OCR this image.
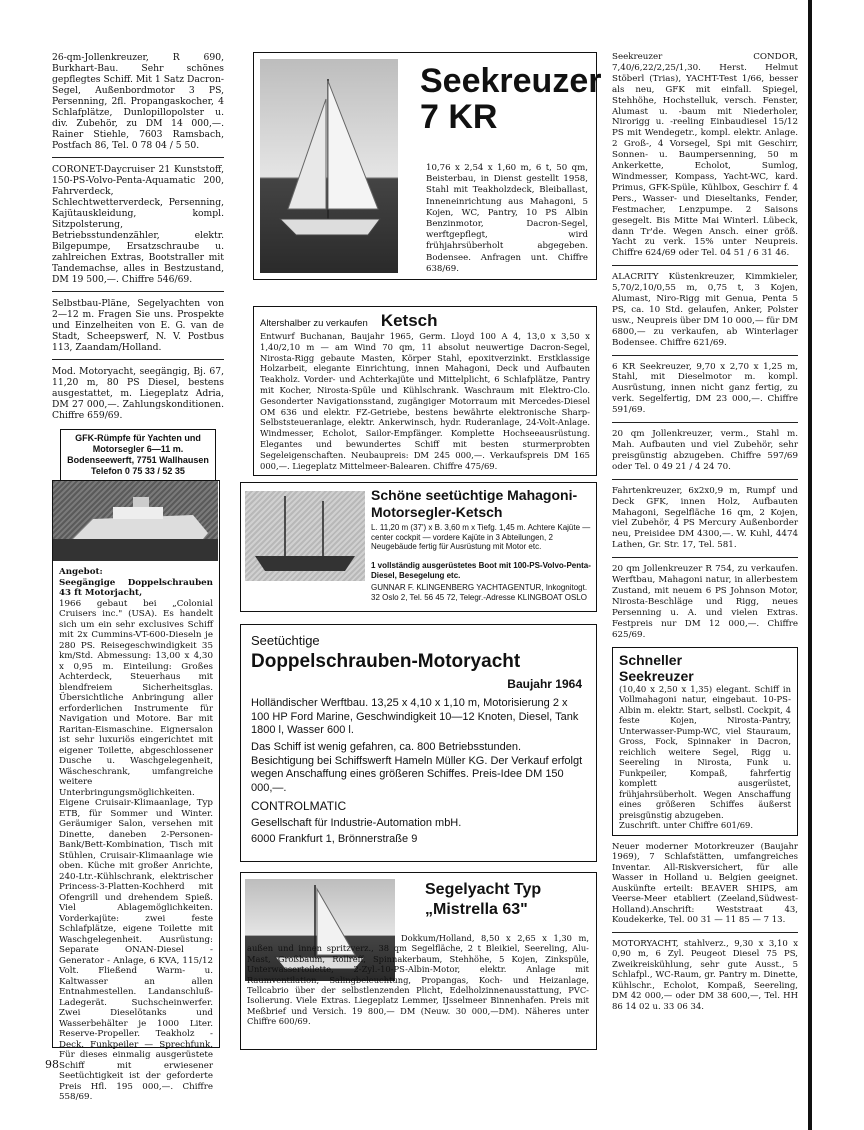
26-qm-Jollenkreuzer, R 690, Burkhart-Bau. Sehr schönes gepflegtes Schiff. Mit 1 Satz Dacron-Segel, Außenbordmotor 3 PS, Persenning, 2fl. Propangaskocher, 4 Schlafplätze, Dunlopillopolster u. div. Zubehör, zu DM 14 000,—. Rainer Stiehle, 7603 Ramsbach, Postfach 86, Tel. 0 78 04 / 5 50.
CORONET-Daycruiser 21 Kunststoff, 150-PS-Volvo-Penta-Aquamatic 200, Fahrverdeck, Schlechtwetterverdeck, Persenning, Kajütauskleidung, kompl. Sitzpolsterung, Betriebsstundenzähler, elektr. Bilgepumpe, Ersatzschraube u. zahlreichen Extras, Bootstraller mit Tandemachse, alles in Bestzustand, DM 19 500,—. Chiffre 546/69.
Selbstbau-Pläne, Segelyachten von 2—12 m. Fragen Sie uns. Prospekte und Einzelheiten von E. G. van de Stadt, Scheepswerf, N. V. Postbus 113, Zaandam/Holland.
Mod. Motoryacht, seegängig, Bj. 67, 11,20 m, 80 PS Diesel, bestens ausgestattet, m. Liegeplatz Adria, DM 27 000,—. Zahlungskonditionen. Chiffre 659/69.
GFK-Rümpfe für Yachten und
Motorsegler 6—11 m.
Bodenseewerft, 7751 Wallhausen
Telefon 0 75 33 / 52 35
Angebot:
Seegängige Doppelschrauben 43 ft Motorjacht,
1966 gebaut bei „Colonial Cruisers inc." (USA). Es handelt sich um ein sehr exclusives Schiff mit 2x Cummins-VT-600-Dieseln je 280 PS. Reisegeschwindigkeit 35 km/Std. Abmessung: 13,00 x 4,30 x 0,95 m. Einteilung: Großes Achterdeck, Steuerhaus mit blendfreiem Sicherheitsglas. Übersichtliche Anbringung aller erforderlichen Instrumente für Navigation und Motore. Bar mit Raritan-Eismaschine. Eignersalon ist sehr luxuriös eingerichtet mit eigener Toilette, abgeschlossener Dusche u. Waschgelegenheit, Wäscheschrank, umfangreiche weitere Unterbringungsmöglichkeiten. Eigene Cruisair-Klimaanlage, Typ ETB, für Sommer und Winter. Geräumiger Salon, versehen mit Dinette, daneben 2-Personen-Bank/Bett-Kombination, Tisch mit Stühlen, Cruisair-Klimaanlage wie oben. Küche mit großer Anrichte, 240-Ltr.-Kühlschrank, elektrischer Princess-3-Platten-Kochherd mit Ofengrill und drehendem Spieß. Viel Ablagemöglichkeiten. Vorderkajüte: zwei feste Schlafplätze, eigene Toilette mit Waschgelegenheit. Ausrüstung: Separate ONAN-Diesel - Generator - Anlage, 6 KVA, 115/12 Volt. Fließend Warm- u. Kaltwasser an allen Entnahmestellen. Landanschluß-Ladegerät. Suchscheinwerfer. Zwei Dieselötanks und Wasserbehälter je 1000 Liter. Reserve-Propeller. Teakholz - Deck. Funkpeiler — Sprechfunk. Für dieses einmalig ausgerüstete Schiff mit erwiesener Seetüchtigkeit ist der geforderte Preis Hfl. 195 000,—. Chiffre 558/69.
Seekreuzer
7 KR
10,76 x 2,54 x 1,60 m, 6 t, 50 qm, Beisterbau, in Dienst gestellt 1958, Stahl mit Teakholzdeck, Bleiballast, Inneneinrichtung aus Mahagoni, 5 Kojen, WC, Pantry, 10 PS Albin Benzinmotor, Dacron-Segel, werftgepflegt, wird frühjahrsüberholt abgegeben. Bodensee. Anfragen unt. Chiffre 638/69.
Altershalber zu verkaufen Ketsch
Entwurf Buchanan, Baujahr 1965, Germ. Lloyd 100 A 4, 13,0 x 3,50 x 1,40/2,10 m — am Wind 70 qm, 11 absolut neuwertige Dacron-Segel, Nirosta-Rigg gebaute Masten, Körper Stahl, epoxitverzinkt. Erstklassige Holzarbeit, elegante Einrichtung, innen Mahagoni, Deck und Aufbauten Teakholz. Vorder- und Achterkajüte und Mittelplicht, 6 Schlafplätze, Pantry mit Kocher, Nirosta-Spüle und Kühlschrank. Waschraum mit Elektro-Clo. Gesonderter Navigationsstand, zugängiger Motorraum mit Mercedes-Diesel OM 636 und elektr. FZ-Getriebe, bestens bewährte elektronische Sharp-Selbststeueranlage, elektr. Ankerwinsch, hydr. Ruderanlage, 24-Volt-Anlage. Windmesser, Echolot, Sailor-Empfänger. Komplette Hochseeausrüstung. Elegantes und bewundertes Schiff mit besten sturmerprobten Segeleigenschaften. Neubaupreis: DM 245 000,—. Verkaufspreis DM 165 000,—. Liegeplatz Mittelmeer-Balearen. Chiffre 475/69.
Schöne seetüchtige Mahagoni-Motorsegler-Ketsch
L. 11,20 m (37') x B. 3,60 m x Tiefg. 1,45 m. Achtere Kajüte — center cockpit — vordere Kajüte in 3 Abteilungen, 2 Neugebäude fertig für Ausrüstung mit Motor etc.
1 vollständig ausgerüstetes Boot mit 100-PS-Volvo-Penta-Diesel, Besegelung etc.
GUNNAR F. KLINGENBERG YACHTAGENTUR, Inkognitogt. 32 Oslo 2, Tel. 56 45 72, Telegr.-Adresse KLINGBOAT OSLO
Seetüchtige
Doppelschrauben-Motoryacht
Baujahr 1964
Holländischer Werftbau. 13,25 x 4,10 x 1,10 m, Motorisierung 2 x 100 HP Ford Marine, Geschwindigkeit 10—12 Knoten, Diesel, Tank 1800 l, Wasser 600 l.
Das Schiff ist wenig gefahren, ca. 800 Betriebsstunden. Besichtigung bei Schiffswerft Hameln Müller KG. Der Verkauf erfolgt wegen Anschaffung eines größeren Schiffes. Preis-Idee DM 150 000,—.
CONTROLMATIC
Gesellschaft für Industrie-Automation mbH.
6000 Frankfurt 1, Brönnerstraße 9
Segelyacht Typ
„Mistrella 63"
Dokkum/Holland, 8,50 x 2,65 x 1,30 m, außen und innen spritzverz., 38 qm Segelfläche, 2 t Bleikiel, Seereling, Alu-Mast, Großbaum, Rollreff, Spinnakerbaum, Stehhöhe, 5 Kojen, Zinkspüle, Unterwassertoilette, 2-Zyl.-10-PS-Albin-Motor, elektr. Anlage mit Raumventilation, Salingbeleuchtung, Propangas, Koch- und Heizanlage, Tellcabrio über der selbstlenzenden Plicht, Edelholzinnenausstattung, PVC-Isolierung. Viele Extras. Liegeplatz Lemmer, IJsselmeer Binnenhafen. Preis mit Meßbrief und Versich. 19 800,— DM (Neuw. 30 000,—DM). Näheres unter Chiffre 600/69.
Seekreuzer CONDOR, 7,40/6,22/2,25/1,30. Herst. Helmut Stöberl (Trias), YACHT-Test 1/66, besser als neu, GFK mit einfall. Spiegel, Stehhöhe, Hochstelluk, versch. Fenster, Alumast u. -baum mit Niederholer, Nirorigg u. -reeling Einbaudiesel 15/12 PS mit Wendegetr., kompl. elektr. Anlage. 2 Groß-, 4 Vorsegel, Spi mit Geschirr, Sonnen- u. Baumpersenning, 50 m Ankerkette, Echolot, Sumlog, Windmesser, Kompass, Yacht-WC, kard. Primus, GFK-Spüle, Kühlbox, Geschirr f. 4 Pers., Wasser- und Dieseltanks, Fender, Festmacher, Lenzpumpe. 2 Saisons gesegelt. Bis Mitte Mai Winterl. Lübeck, dann Tr'de. Wegen Ansch. einer größ. Yacht zu verk. 15% unter Neupreis. Chiffre 624/69 oder Tel. 04 51 / 6 31 46.
ALACRITY Küstenkreuzer, Kimmkieler, 5,70/2,10/0,55 m, 0,75 t, 3 Kojen, Alumast, Niro-Rigg mit Genua, Penta 5 PS, ca. 10 Std. gelaufen, Anker, Polster usw., Neupreis über DM 10 000,— für DM 6800,— zu verkaufen, ab Winterlager Bodensee. Chiffre 621/69.
6 KR Seekreuzer, 9,70 x 2,70 x 1,25 m, Stahl, mit Dieselmotor m. kompl. Ausrüstung, innen nicht ganz fertig, zu verk. Segelfertig, DM 23 000,—. Chiffre 591/69.
20 qm Jollenkreuzer, verm., Stahl m. Mah. Aufbauten und viel Zubehör, sehr preisgünstig abzugeben. Chiffre 597/69 oder Tel. 0 49 21 / 4 24 70.
Fahrtenkreuzer, 6x2x0,9 m, Rumpf und Deck GFK, innen Holz, Aufbauten Mahagoni, Segelfläche 16 qm, 2 Kojen, viel Zubehör, 4 PS Mercury Außenborder neu, Preisidee DM 4300,—. W. Kuhl, 4474 Lathen, Gr. Str. 17, Tel. 581.
20 qm Jollenkreuzer R 754, zu verkaufen. Werftbau, Mahagoni natur, in allerbestem Zustand, mit neuem 6 PS Johnson Motor, Nirosta-Beschläge und Rigg, neues Persenning u. A. und vielen Extras. Festpreis nur DM 12 000,—. Chiffre 625/69.
Schneller
Seekreuzer
(10,40 x 2,50 x 1,35) elegant. Schiff in Vollmahagoni natur, eingebaut. 10-PS-Albin m. elektr. Start, selbstl. Cockpit, 4 feste Kojen, Nirosta-Pantry, Unterwasser-Pump-WC, viel Stauraum, Gross, Fock, Spinnaker in Dacron, reichlich weitere Segel, Rigg u. Seereling in Nirosta, Funk u. Funkpeiler, Kompaß, fahrfertig komplett ausgerüstet, frühjahrsüberholt. Wegen Anschaffung eines größeren Schiffes äußerst preisgünstig abzugeben.
Zuschrift. unter Chiffre 601/69.
Neuer moderner Motorkreuzer (Baujahr 1969), 7 Schlafstätten, umfangreiches Inventar. All-Riskversichert, für alle Wasser in Holland u. Belgien geeignet. Auskünfte erteilt: BEAVER SHIPS, am Veerse-Meer etabliert (Zeeland,Südwest-Holland).Anschrift: Weststraat 43, Koudekerke, Tel. 00 31 — 11 85 — 7 13.
MOTORYACHT, stahlverz., 9,30 x 3,10 x 0,90 m, 6 Zyl. Peugeot Diesel 75 PS, Zweikreiskühlung, sehr gute Ausst., 5 Schlafpl., WC-Raum, gr. Pantry m. Dinette, Kühlschr., Echolot, Kompaß, Seereling, DM 42 000,— oder DM 38 600,—, Tel. HH 86 14 02 u. 33 06 34.
98
